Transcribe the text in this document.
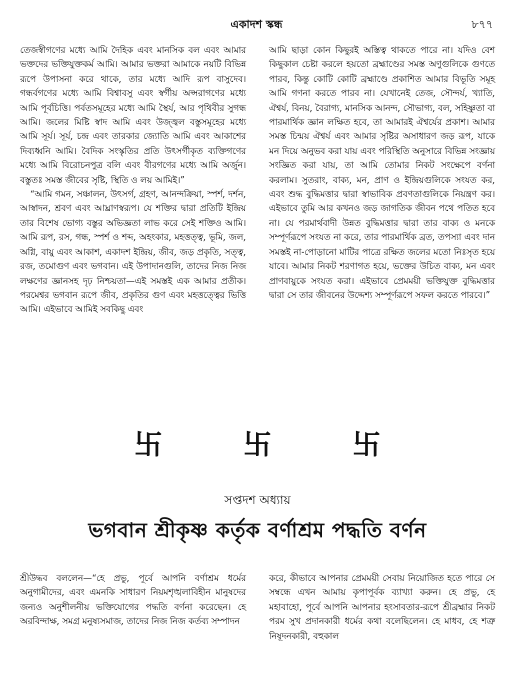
একাদশ স্কন্ধ	৮৭৭

তেজস্বীগণের মধ্যে আমি দৈহিক এবং মানসিক বল এবং আমার ভক্তদের ভক্তিযুক্তকর্ম আমি। আমার ভক্তরা আমাকে নয়টি বিভিন্ন রূপে উপাসনা করে থাকে, তার মধ্যে আদি রূপ বাসুদেব। গন্ধর্বগণের মধ্যে আমি বিশ্বাবসু এবং স্বর্গীয় অপ্সরাগণের মধ্যে আমি পূর্বচিত্তি। পর্বতসমূহের মধ্যে আমি স্থৈর্য, আর পৃথিবীর সুগন্ধ আমি। জলের মিষ্টি স্বাদ আমি এবং উজ্জ্বল বস্তুসমূহের মধ্যে আমি সূর্য। সূর্য, চন্দ্র এবং তারকার জ্যোতি আমি এবং আকাশের দিব্যধ্বনি আমি। বৈদিক সংস্কৃতির প্রতি উৎসর্গীকৃত ব্যক্তিগণের মধ্যে আমি বিরোচনপুত্র বলি এবং বীরগণের মধ্যে আমি অর্জুন। বস্তুতঃ সমস্ত জীবের সৃষ্টি, স্থিতি ও লয় আমিই।”

“আমি গমন, সঞ্চালন, উৎসর্গ, গ্রহণ, আনন্দক্রিয়া, স্পর্শ, দর্শন, আস্বাদন, শ্রবণ এবং আঘ্রাণস্বরূপ। যে শক্তির দ্বারা প্রতিটি ইন্দ্রিয় তার বিশেষ ভোগ্য বস্তুর অভিজ্ঞতা লাভ করে সেই শক্তিও আমি। আমি রূপ, রস, গন্ধ, স্পর্শ ও শব্দ, অহংকার, মহত্তত্ত্ব, ভূমি, জল, অগ্নি, বায়ু এবং আকাশ, একাদশ ইন্দ্রিয়, জীব, জড় প্রকৃতি, সত্ত্ব, রজ, তমোগুণ এবং ভগবান। এই উপাদানগুলি, তাদের নিজ নিজ লক্ষণের জ্ঞানসহ দৃঢ় নিশ্চয়তা—এই সমস্তই এক আমার প্রতীক। পরমেশ্বর ভগবান রূপে জীব, প্রকৃতির গুণ এবং মহত্তত্ত্বের ভিত্তি আমি। এইভাবে আমিই সবকিছু এবং

আমি ছাড়া কোন কিছুরই অস্তিত্ব থাকতে পারে না। যদিও বেশ কিছুকাল চেষ্টা করলে হয়তো ব্রহ্মাণ্ডের সমস্ত অণুগুলিকে গুণতে পারব, কিন্তু কোটি কোটি ব্রহ্মাণ্ডে প্রকাশিত আমার বিভূতি সমূহ আমি গণনা করতে পারব না। যেখানেই তেজ, সৌন্দর্য, খ্যাতি, ঐশ্বর্য, বিনয়, বৈরাগ্য, মানসিক আনন্দ, সৌভাগ্য, বল, সহিষ্ণুতা বা পারমার্থিক জ্ঞান লক্ষিত হবে, তা আমারই ঐশ্বর্যের প্রকাশ। আমার সমস্ত চিন্ময় ঐশ্বর্য এবং আমার সৃষ্টির অসাধারণ জড় রূপ, যাকে মন দিয়ে অনুভব করা যায় এবং পরিস্থিতি অনুসারে বিভিন্ন সংজ্ঞায় সংজ্ঞিত করা যায়, তা আমি তোমার নিকট সংক্ষেপে বর্ণনা করলাম। সুতরাং, বাক্য, মন, প্রাণ ও ইন্দ্রিয়গুলিকে সংযত কর, এবং শুদ্ধ বুদ্ধিমত্তার দ্বারা স্বাভাবিক প্রবণতাগুলিকে নিয়ন্ত্রণ কর। এইভাবে তুমি আর কখনও জড় জাগতিক জীবন পথে পতিত হবে না। যে পরমার্থবাদী উন্নত বুদ্ধিমত্তার দ্বারা তার বাক্য ও মনকে সম্পূর্ণরূপে সংযত না করে, তার পারমার্থিক ব্রত, তপস্যা এবং দান সমস্তই না-পোড়ানো মাটির পাত্রে রক্ষিত জলের মতো নিঃসৃত হয়ে যাবে। আমার নিকট শরণাগত হয়ে, ভক্তের উচিত বাক্য, মন এবং প্রাণবায়ুকে সংযত করা। এইভাবে প্রেমময়ী ভক্তিযুক্ত বুদ্ধিমত্তার দ্বারা সে তার জীবনের উদ্দেশ্য সম্পূর্ণরূপে সফল করতে পারবে।”

卐	卐	卐
সপ্তদশ অধ্যায়
ভগবান শ্রীকৃষ্ণ কর্তৃক বর্ণাশ্রম পদ্ধতি বর্ণন

শ্রীউদ্ধব বললেন—“হে প্রভু, পূর্বে আপনি বর্ণাশ্রম ধর্মের অনুগামীদের, এবং এমনকি সাধারণ নিয়মশৃঙ্খলাবিহীন মানুষদের জন্যও অনুশীলনীয় ভক্তিযোগের পদ্ধতি বর্ণনা করেছেন। হে অরবিন্দাক্ষ, সমগ্র মনুষ্যসমাজ, তাদের নিজ নিজ কর্তব্য সম্পাদন

করে, কীভাবে আপনার প্রেমময়ী সেবায় নিয়োজিত হতে পারে সে সম্বন্ধে এখন আমায় কৃপাপূর্বক ব্যাখ্যা করুন। হে প্রভু, হে মহাবাহো, পূর্বে আপনি আপনার হংসাবতার-রূপে শ্রীব্রহ্মার নিকট পরম সুখ প্রদানকারী ধর্মের কথা বলেছিলেন। হে মাধব, হে শত্রু নিষূদনকারী, বহুকাল
